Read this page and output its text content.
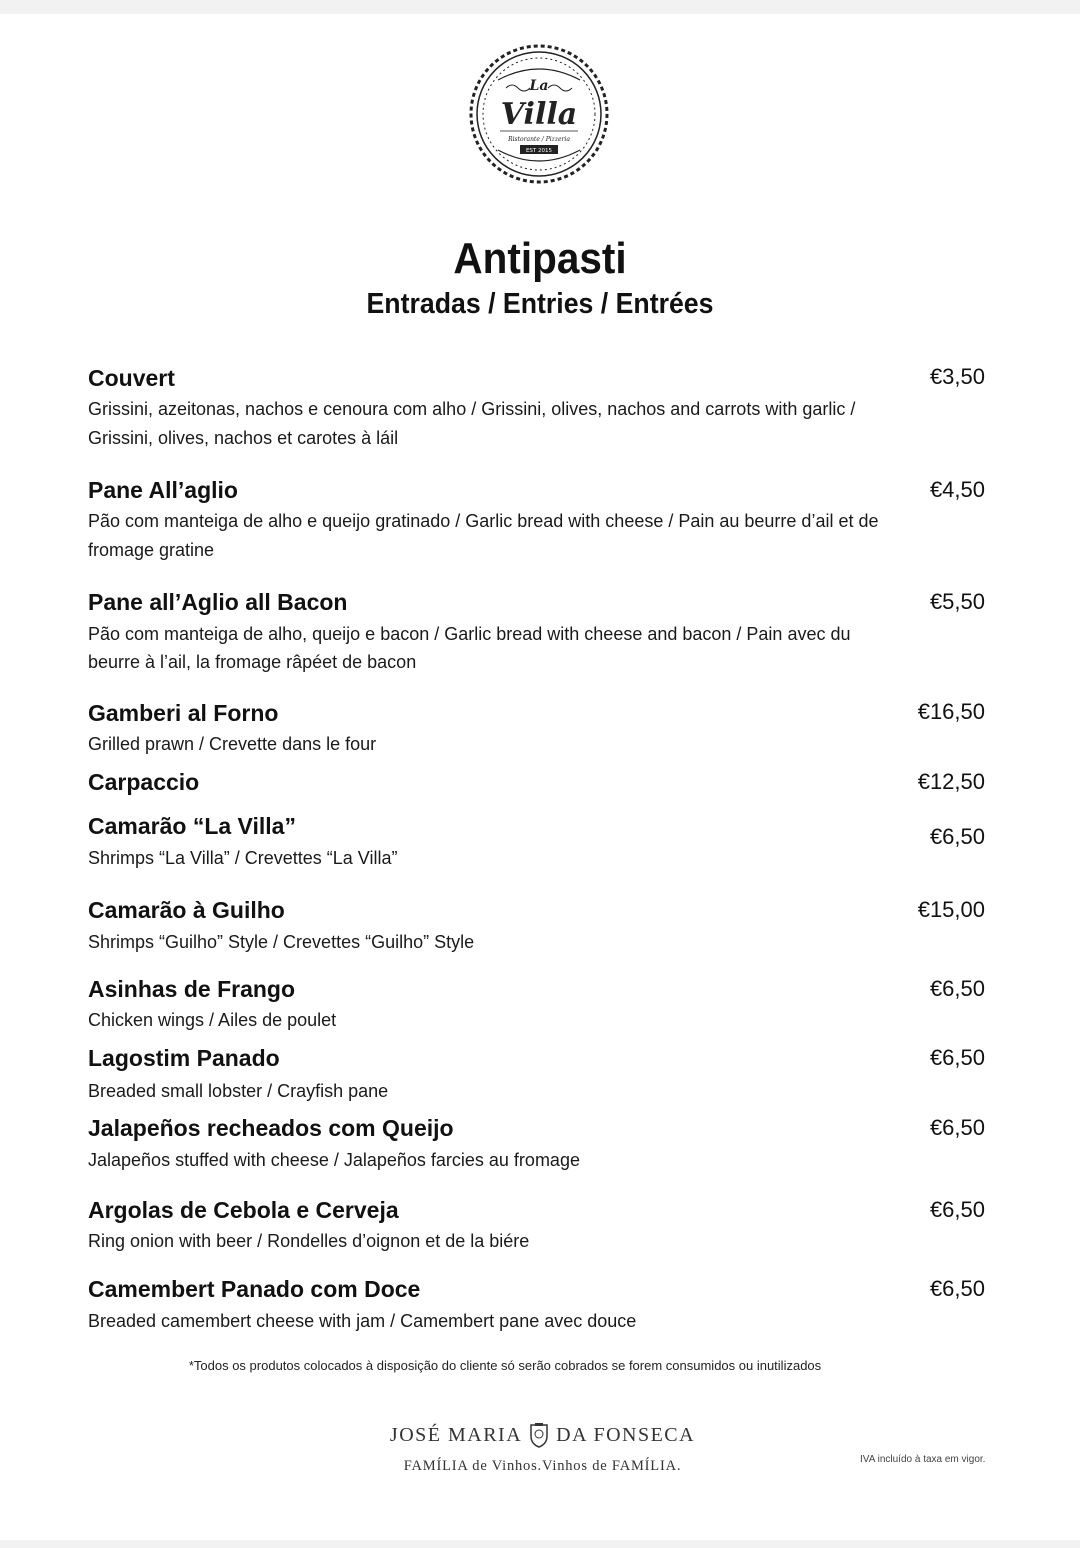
La
Villa
Ristorante / Pizzeria
EST 2015
Antipasti
Entradas / Entries / Entrées
Couvert	€3,50
Grissini, azeitonas, nachos e cenoura com alho / Grissini, olives, nachos and carrots with garlic /
Grissini, olives, nachos et carotes à láil
Pane All’aglio	€4,50
Pão com manteiga de alho e queijo gratinado / Garlic bread with cheese / Pain au beurre d’ail et de
fromage gratine
Pane all’Aglio all Bacon	€5,50
Pão com manteiga de alho, queijo e bacon / Garlic bread with cheese and bacon / Pain avec du
beurre à l’ail, la fromage râpéet de bacon
Gamberi al Forno	€16,50
Grilled prawn / Crevette dans le four
Carpaccio	€12,50
Camarão “La Villa”	€6,50
Shrimps “La Villa” / Crevettes “La Villa”
Camarão à Guilho	€15,00
Shrimps “Guilho” Style / Crevettes “Guilho” Style
Asinhas de Frango	€6,50
Chicken wings / Ailes de poulet
Lagostim Panado	€6,50
Breaded small lobster / Crayfish pane
Jalapeños recheados com Queijo	€6,50
Jalapeños stuffed with cheese / Jalapeños farcies au fromage
Argolas de Cebola e Cerveja	€6,50
Ring onion with beer / Rondelles d’oignon et de la biére
Camembert Panado com Doce	€6,50
Breaded camembert cheese with jam / Camembert pane avec douce
*Todos os produtos colocados à disposição do cliente só serão cobrados se forem consumidos ou inutilizados
JOSÉ MARIA DA FONSECA
FAMÍLIA de Vinhos.Vinhos de FAMÍLIA.	IVA incluído à taxa em vigor.
